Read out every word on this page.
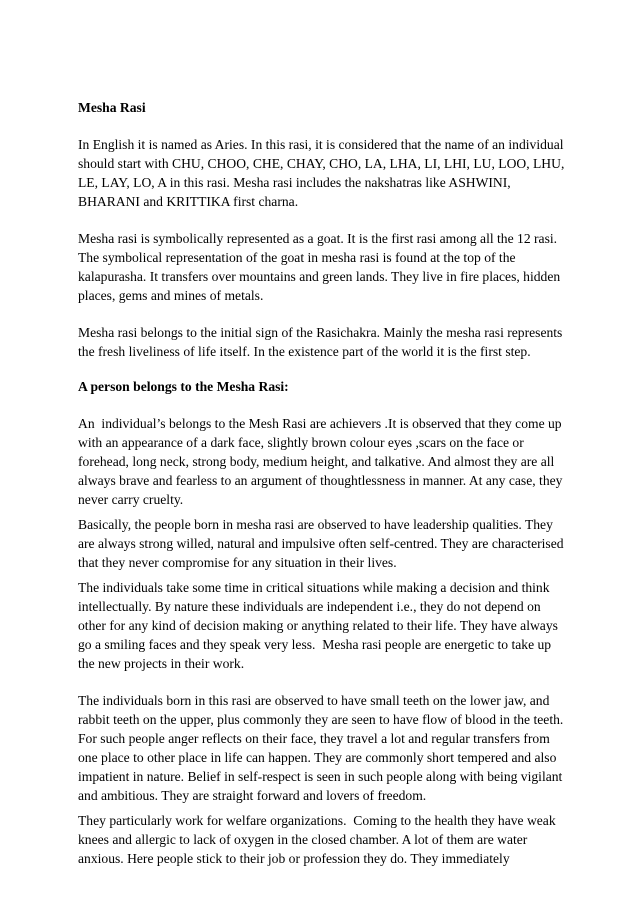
Mesha Rasi

In English it is named as Aries. In this rasi, it is considered that the name of an individual should start with CHU, CHOO, CHE, CHAY, CHO, LA, LHA, LI, LHI, LU, LOO, LHU, LE, LAY, LO, A in this rasi. Mesha rasi includes the nakshatras like ASHWINI, BHARANI and KRITTIKA first charna.

Mesha rasi is symbolically represented as a goat. It is the first rasi among all the 12 rasi. The symbolical representation of the goat in mesha rasi is found at the top of the kalapurasha. It transfers over mountains and green lands. They live in fire places, hidden places, gems and mines of metals.

Mesha rasi belongs to the initial sign of the Rasichakra. Mainly the mesha rasi represents the fresh liveliness of life itself. In the existence part of the world it is the first step.

A person belongs to the Mesha Rasi:

An  individual’s belongs to the Mesh Rasi are achievers .It is observed that they come up with an appearance of a dark face, slightly brown colour eyes ,scars on the face or forehead, long neck, strong body, medium height, and talkative. And almost they are all always brave and fearless to an argument of thoughtlessness in manner. At any case, they never carry cruelty.

Basically, the people born in mesha rasi are observed to have leadership qualities. They are always strong willed, natural and impulsive often self-centred. They are characterised that they never compromise for any situation in their lives.

The individuals take some time in critical situations while making a decision and think intellectually. By nature these individuals are independent i.e., they do not depend on other for any kind of decision making or anything related to their life. They have always go a smiling faces and they speak very less.  Mesha rasi people are energetic to take up the new projects in their work.

The individuals born in this rasi are observed to have small teeth on the lower jaw, and rabbit teeth on the upper, plus commonly they are seen to have flow of blood in the teeth. For such people anger reflects on their face, they travel a lot and regular transfers from one place to other place in life can happen. They are commonly short tempered and also impatient in nature. Belief in self-respect is seen in such people along with being vigilant and ambitious. They are straight forward and lovers of freedom.

They particularly work for welfare organizations.  Coming to the health they have weak knees and allergic to lack of oxygen in the closed chamber. A lot of them are water anxious. Here people stick to their job or profession they do. They immediately
